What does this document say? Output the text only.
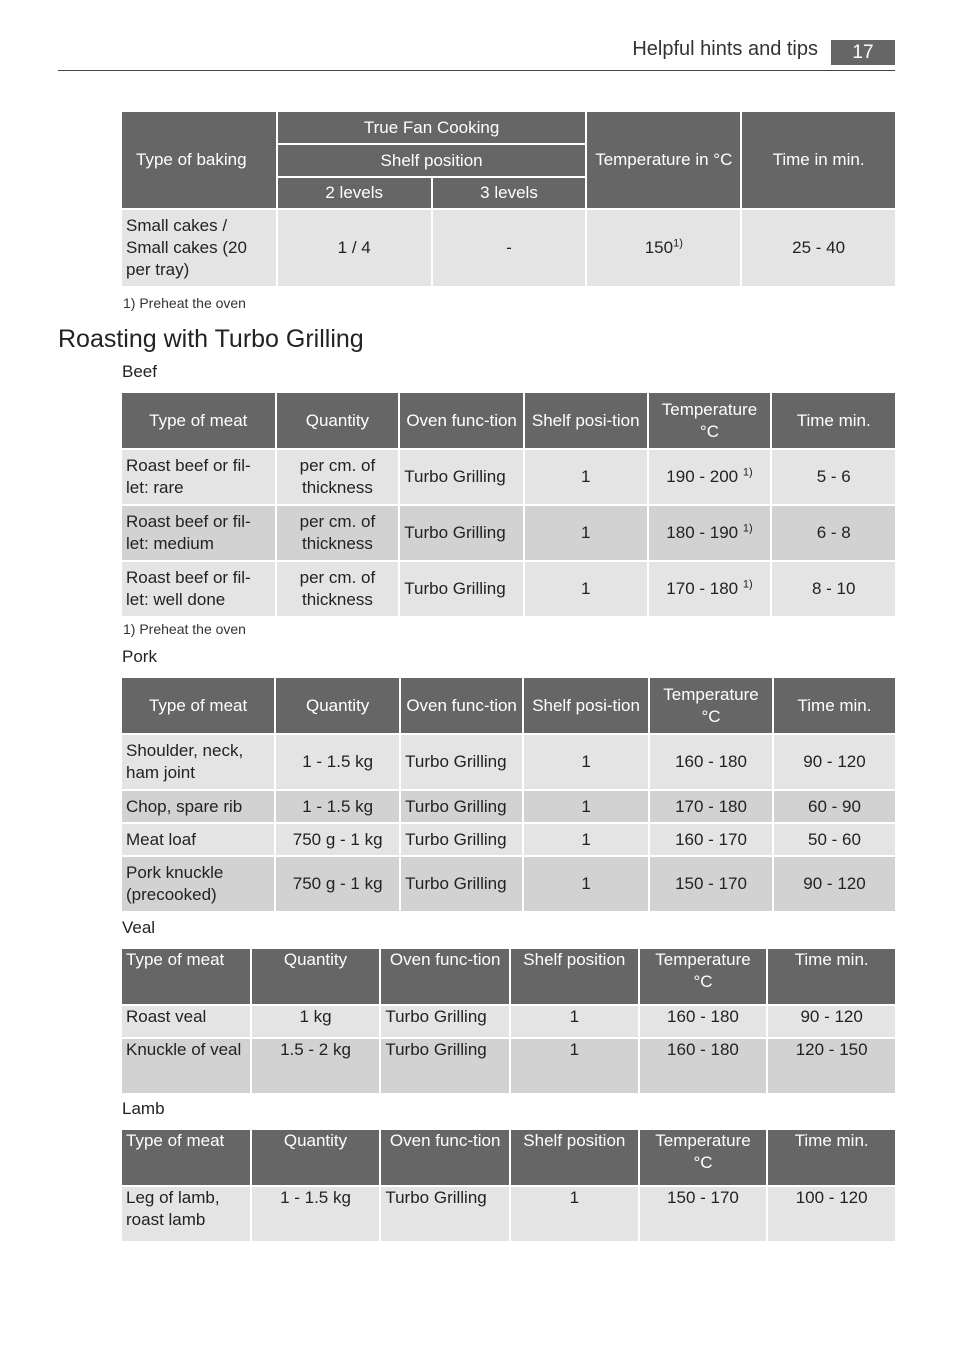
Helpful hints and tips	17
Type of baking	True Fan Cooking		Temperature in °C	Time in min.
	Shelf position			
	2 levels	3 levels		
Small cakes / Small cakes (20 per tray)	1 / 4	-	150$^{1)}$	25 - 40
1) Preheat the oven
Roasting with Turbo Grilling
Beef
Type of meat	Quantity	Oven func-tion	Shelf posi-tion	Temperature °C	Time min.
Roast beef or fil-let: rare	per cm. of thickness	Turbo Grilling	1	190 - 200 $^{1)}$	5 - 6
Roast beef or fil-let: medium	per cm. of thickness	Turbo Grilling	1	180 - 190 $^{1)}$	6 - 8
Roast beef or fil-let: well done	per cm. of thickness	Turbo Grilling	1	170 - 180 $^{1)}$	8 - 10
1) Preheat the oven
Pork
Type of meat	Quantity	Oven func-tion	Shelf posi-tion	Temperature °C	Time min.
Shoulder, neck, ham joint	1 - 1.5 kg	Turbo Grilling	1	160 - 180	90 - 120
Chop, spare rib	1 - 1.5 kg	Turbo Grilling	1	170 - 180	60 - 90
Meat loaf	750 g - 1 kg	Turbo Grilling	1	160 - 170	50 - 60
Pork knuckle (precooked)	750 g - 1 kg	Turbo Grilling	1	150 - 170	90 - 120
Veal
Type of meat	Quantity	Oven func-tion	Shelf position	Temperature °C	Time min.
Roast veal	1 kg	Turbo Grilling	1	160 - 180	90 - 120
Knuckle of veal	1.5 - 2 kg	Turbo Grilling	1	160 - 180	120 - 150
Lamb
Type of meat	Quantity	Oven func-tion	Shelf position	Temperature °C	Time min.
Leg of lamb, roast lamb	1 - 1.5 kg	Turbo Grilling	1	150 - 170	100 - 120
